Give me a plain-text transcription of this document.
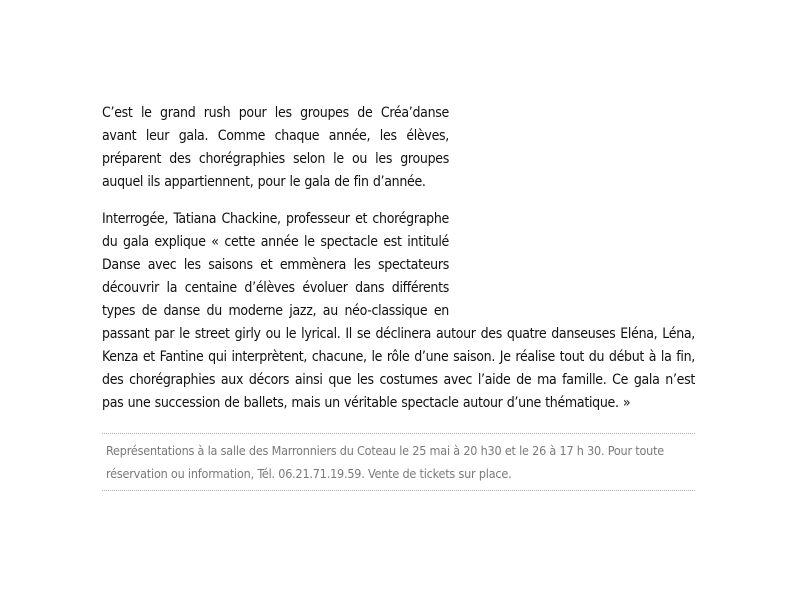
C’est le grand rush pour les groupes de Créa’danse avant leur gala. Comme chaque année, les élèves, préparent des chorégraphies selon le ou les groupes auquel ils appartiennent, pour le gala de fin d’année.

Interrogée, Tatiana Chackine, professeur et chorégraphe du gala explique « cette année le spectacle est intitulé Danse avec les saisons et emmènera les spectateurs découvrir la centaine d’élèves évoluer dans différents types de danse du moderne jazz, au néo-classique en passant par le street girly ou le lyrical. Il se déclinera autour des quatre danseuses Eléna, Léna, Kenza et Fantine qui interprètent, chacune, le rôle d’une saison. Je réalise tout du début à la fin, des chorégraphies aux décors ainsi que les costumes avec l’aide de ma famille. Ce gala n’est pas une succession de ballets, mais un véritable spectacle autour d’une thématique. »

Représentations à la salle des Marronniers du Coteau le 25 mai à 20 h30 et le 26 à 17 h 30. Pour toute réservation ou information, Tél. 06.21.71.19.59. Vente de tickets sur place.
